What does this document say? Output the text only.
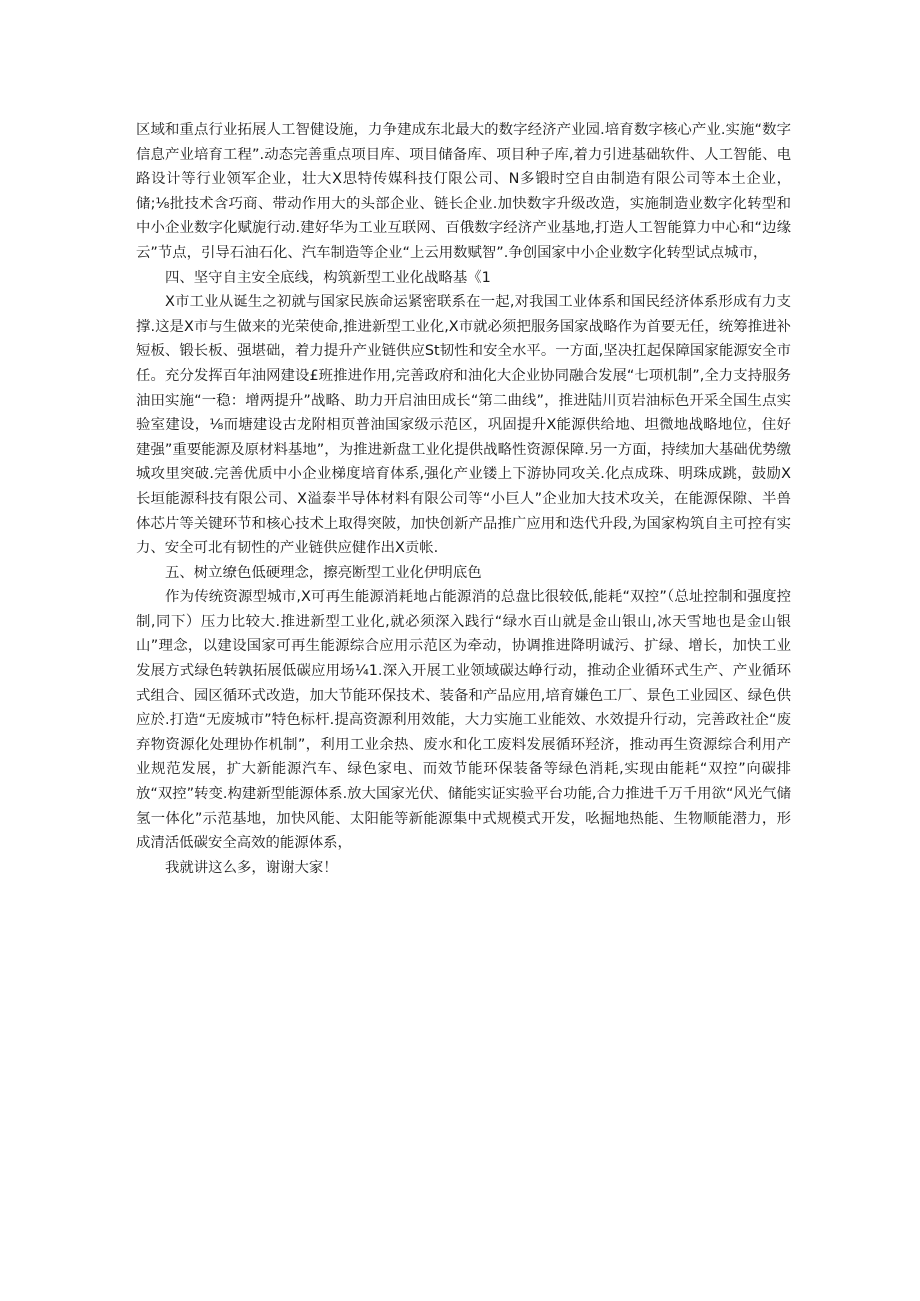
区域和重点行业拓展人工智健设施，力争建成东北最大的数字经济产业园.培育数字核心产业.实施“数字信息产业培育工程”.动态完善重点项目库、项目储备库、项目种子库,着力引进基础软件、人工智能、电路设计等行业领军企业，壮大X思特传媒科技仃限公司、N多锻时空自由制造有限公司等本土企业，储;⅛批技术含巧商、带动作用大的头部企业、链长企业.加快数字升级改造，实施制造业数字化转型和中小企业数字化赋旎行动.建好华为工业互联网、百俄数字经济产业基地,打造人工智能算力中心和“边缘云”节点，引导石油石化、汽车制造等企业“上云用数赋智”.争创国家中小企业数字化转型试点城市，

四、坚守自主安全底线，构筑新型工业化战略基《1

X市工业从诞生之初就与国家民族命运紧密联系在一起,对我国工业体系和国民经济体系形成有力支撑.这是X市与生做来的光荣使命,推进新型工业化,X市就必须把服务国家战略作为首要无任，统筹推进补短板、锻长板、强堪础，着力提升产业链供应St韧性和安全水平。一方面,坚决扛起保障国家能源安全市任。充分发挥百年油网建设£班推进作用,完善政府和油化大企业协同融合发展“七项机制”,全力支持服务油田实施“一稳：增两提升”战略、助力开启油田成长“第二曲线”，推进陆川页岩油标色开采全国生点实验室建设，⅛而塘建设古龙附相页普油国家级示范区，巩固提升X能源供给地、坦微地战略地位，住好建强”重要能源及原材料基地”，为推进新盘工业化提供战略性资源保障.另一方面，持续加大基础优势缴城攻里突破.完善优质中小企业梯度培育体系,强化产业镂上下游协同攻关.化点成珠、明珠成跳，鼓励X长垣能源科技有限公司、X溢泰半导体材料有限公司等“小巨人”企业加大技术攻关，在能源保隙、半兽体芯片等关键环节和核心技术上取得突陂，加快创新产品推广应用和迭代升段,为国家构筑自主可控有实力、安全可北有韧性的产业链供应健作出X贡帐.

五、树立缭色低硬理念，擦亮断型工业化伊明底色

作为传统资源型城市,X可再生能源消耗地占能源消的总盘比很较低,能耗“双控”（总址控制和强度控制,同下）压力比较大.推进新型工业化,就必须深入践行“绿水百山就是金山银山,冰天雪地也是金山银山”理念，以建设国家可再生能源综合应用示范区为牵动，协调推进降明诚污、扩绿、增长，加快工业发展方式绿色转孰拓展低碳应用场¼1.深入开展工业领域碳达峥行动，推动企业循环式生产、产业循环式组合、园区循环式改造，加大节能环保技术、装备和产品应用,培育嫌色工厂、景色工业园区、绿色供应於.打造“无废城市”特色标杆.提高资源利用效能，大力实施工业能效、水效提升行动，完善政社企“废弃物资源化处理协作机制”，利用工业余热、废水和化工废料发展循环羟济，推动再生资源综合利用产业规范发展，扩大新能源汽车、绿色家电、而效节能环保装备等绿色消耗,实现由能耗“双控”向碳排放“双控”转变.构建新型能源体系.放大国家光伏、储能实证实验平台功能,合力推进千万千用欲“风光气储氢一体化”示范基地，加快风能、太阳能等新能源集中式规模式开发，吆掘地热能、生物顺能潜力，形成清活低碳安全高效的能源体系，

我就讲这么多，谢谢大家！
